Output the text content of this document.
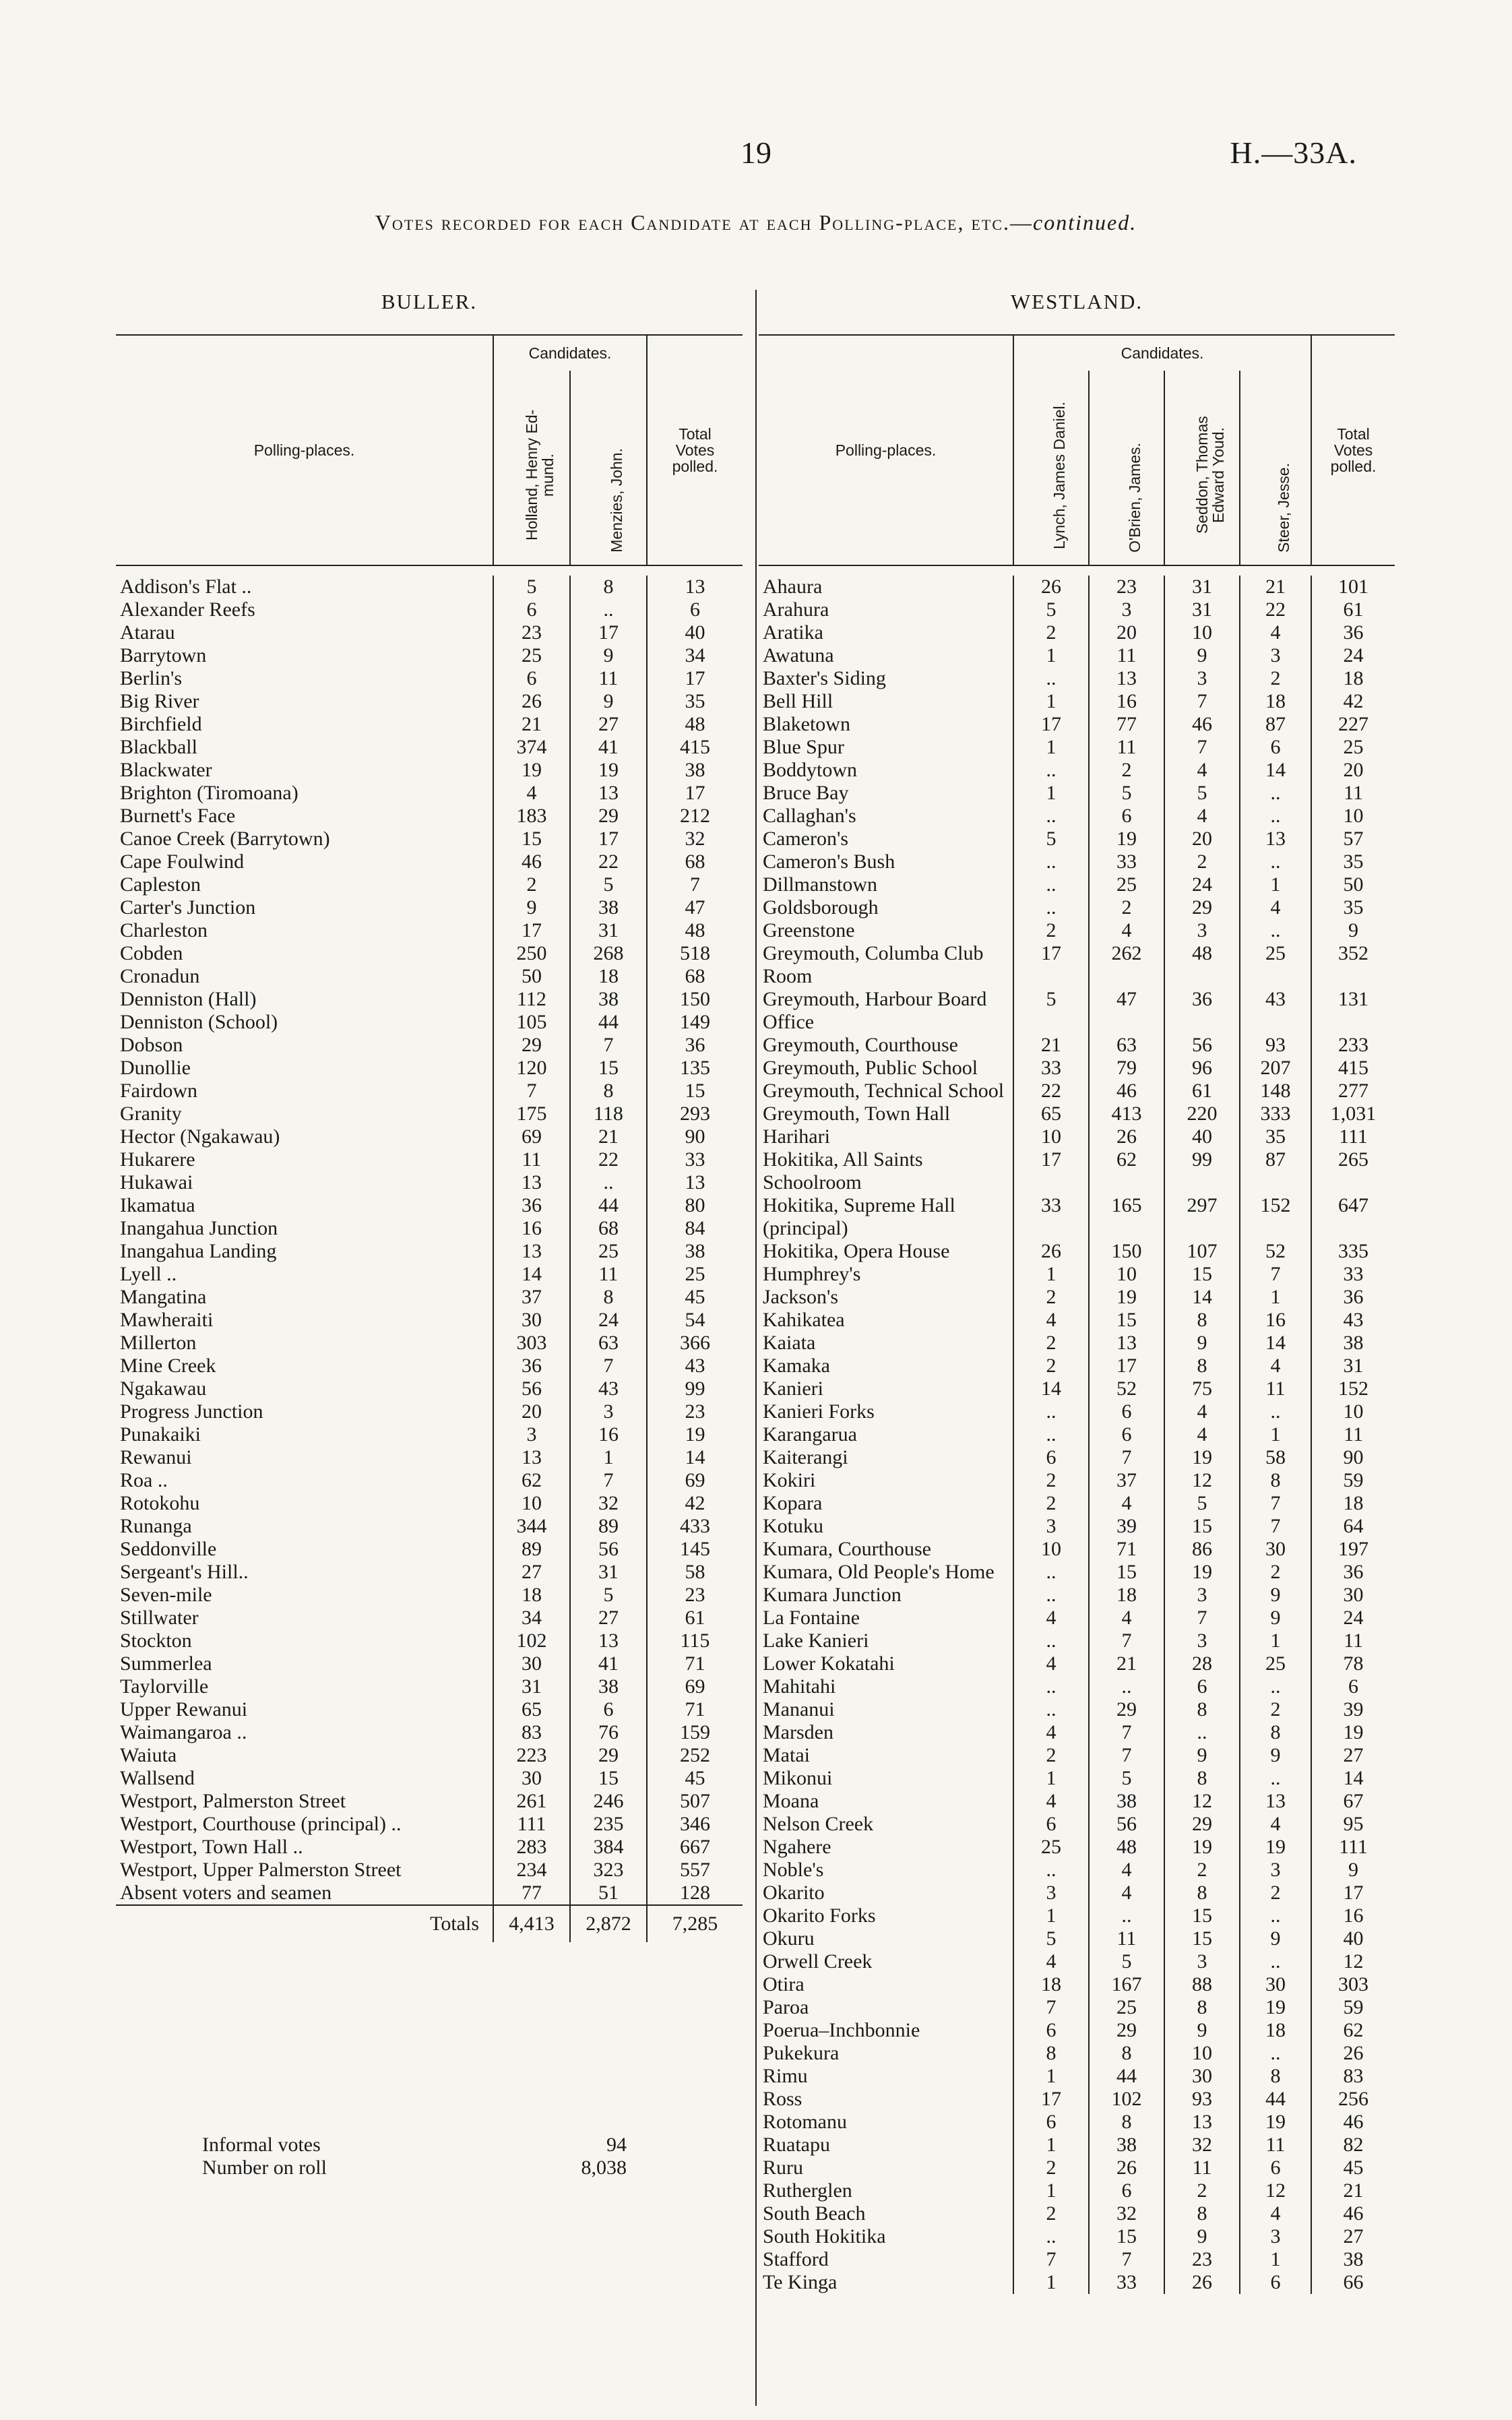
19	H.—33A.
Votes recorded for each Candidate at each Polling-place, etc.—continued.
BULLER.			
Polling-places.	Candidates.		Total Votes polled.

	Holland, Henry Ed-mund.	Menzies, John.	

Addison's Flat ..	5	8	13
Alexander Reefs	6	..	6
Atarau	23	17	40
Barrytown	25	9	34
Berlin's	6	11	17
Big River	26	9	35
Birchfield	21	27	48
Blackball	374	41	415
Blackwater	19	19	38
Brighton (Tiromoana)	4	13	17
Burnett's Face	183	29	212
Canoe Creek (Barrytown)	15	17	32
Cape Foulwind	46	22	68
Capleston	2	5	7
Carter's Junction	9	38	47
Charleston	17	31	48
Cobden	250	268	518
Cronadun	50	18	68
Denniston (Hall)	112	38	150
Denniston (School)	105	44	149
Dobson	29	7	36
Dunollie	120	15	135
Fairdown	7	8	15
Granity	175	118	293
Hector (Ngakawau)	69	21	90
Hukarere	11	22	33
Hukawai	13	..	13
Ikamatua	36	44	80
Inangahua Junction	16	68	84
Inangahua Landing	13	25	38
Lyell ..	14	11	25
Mangatina	37	8	45
Mawheraiti	30	24	54
Millerton	303	63	366
Mine Creek	36	7	43
Ngakawau	56	43	99
Progress Junction	20	3	23
Punakaiki	3	16	19
Rewanui	13	1	14
Roa ..	62	7	69
Rotokohu	10	32	42
Runanga	344	89	433
Seddonville	89	56	145
Sergeant's Hill..	27	31	58
Seven-mile	18	5	23
Stillwater	34	27	61
Stockton	102	13	115
Summerlea	30	41	71
Taylorville	31	38	69
Upper Rewanui	65	6	71
Waimangaroa ..	83	76	159
Waiuta	223	29	252
Wallsend	30	15	45
Westport, Palmerston Street	261	246	507
Westport, Courthouse (principal) ..	111	235	346
Westport, Town Hall ..	283	384	667
Westport, Upper Palmerston Street	234	323	557
Absent voters and seamen	77	51	128
Totals	4,413	2,872	7,285
WESTLAND.					
Polling-places.	Candidates.				Total Votes polled.

	Lynch, James Daniel.	O'Brien, James.	Seddon, Thomas Edward Youd.	Steer, Jesse.	

Ahaura	26	23	31	21	101
Arahura	5	3	31	22	61
Aratika	2	20	10	4	36
Awatuna	1	11	9	3	24
Baxter's Siding	..	13	3	2	18
Bell Hill	1	16	7	18	42
Blaketown	17	77	46	87	227
Blue Spur	1	11	7	6	25
Boddytown	..	2	4	14	20
Bruce Bay	1	5	5	..	11
Callaghan's	..	6	4	..	10
Cameron's	5	19	20	13	57
Cameron's Bush	..	33	2	..	35
Dillmanstown	..	25	24	1	50
Goldsborough	..	2	29	4	35
Greenstone	2	4	3	..	9
Greymouth, Columba Club Room	17	262	48	25	352
Greymouth, Harbour Board Office	5	47	36	43	131
Greymouth, Courthouse	21	63	56	93	233
Greymouth, Public School	33	79	96	207	415
Greymouth, Technical School	22	46	61	148	277
Greymouth, Town Hall	65	413	220	333	1,031
Harihari	10	26	40	35	111
Hokitika, All Saints Schoolroom	17	62	99	87	265
Hokitika, Supreme Hall (principal)	33	165	297	152	647
Hokitika, Opera House	26	150	107	52	335
Humphrey's	1	10	15	7	33
Jackson's	2	19	14	1	36
Kahikatea	4	15	8	16	43
Kaiata	2	13	9	14	38
Kamaka	2	17	8	4	31
Kanieri	14	52	75	11	152
Kanieri Forks	..	6	4	..	10
Karangarua	..	6	4	1	11
Kaiterangi	6	7	19	58	90
Kokiri	2	37	12	8	59
Kopara	2	4	5	7	18
Kotuku	3	39	15	7	64
Kumara, Courthouse	10	71	86	30	197
Kumara, Old People's Home	..	15	19	2	36
Kumara Junction	..	18	3	9	30
La Fontaine	4	4	7	9	24
Lake Kanieri	..	7	3	1	11
Lower Kokatahi	4	21	28	25	78
Mahitahi	..	..	6	..	6
Mananui	..	29	8	2	39
Marsden	4	7	..	8	19
Matai	2	7	9	9	27
Mikonui	1	5	8	..	14
Moana	4	38	12	13	67
Nelson Creek	6	56	29	4	95
Ngahere	25	48	19	19	111
Noble's	..	4	2	3	9
Okarito	3	4	8	2	17
Okarito Forks	1	..	15	..	16
Okuru	5	11	15	9	40
Orwell Creek	4	5	3	..	12
Otira	18	167	88	30	303
Paroa	7	25	8	19	59
Poerua–Inchbonnie	6	29	9	18	62
Pukekura	8	8	10	..	26
Rimu	1	44	30	8	83
Ross	17	102	93	44	256
Rotomanu	6	8	13	19	46
Ruatapu	1	38	32	11	82
Ruru	2	26	11	6	45
Rutherglen	1	6	2	12	21
South Beach	2	32	8	4	46
South Hokitika	..	15	9	3	27
Stafford	7	7	23	1	38
Te Kinga	1	33	26	6	66
Informal votes	94
Number on roll	8,038
